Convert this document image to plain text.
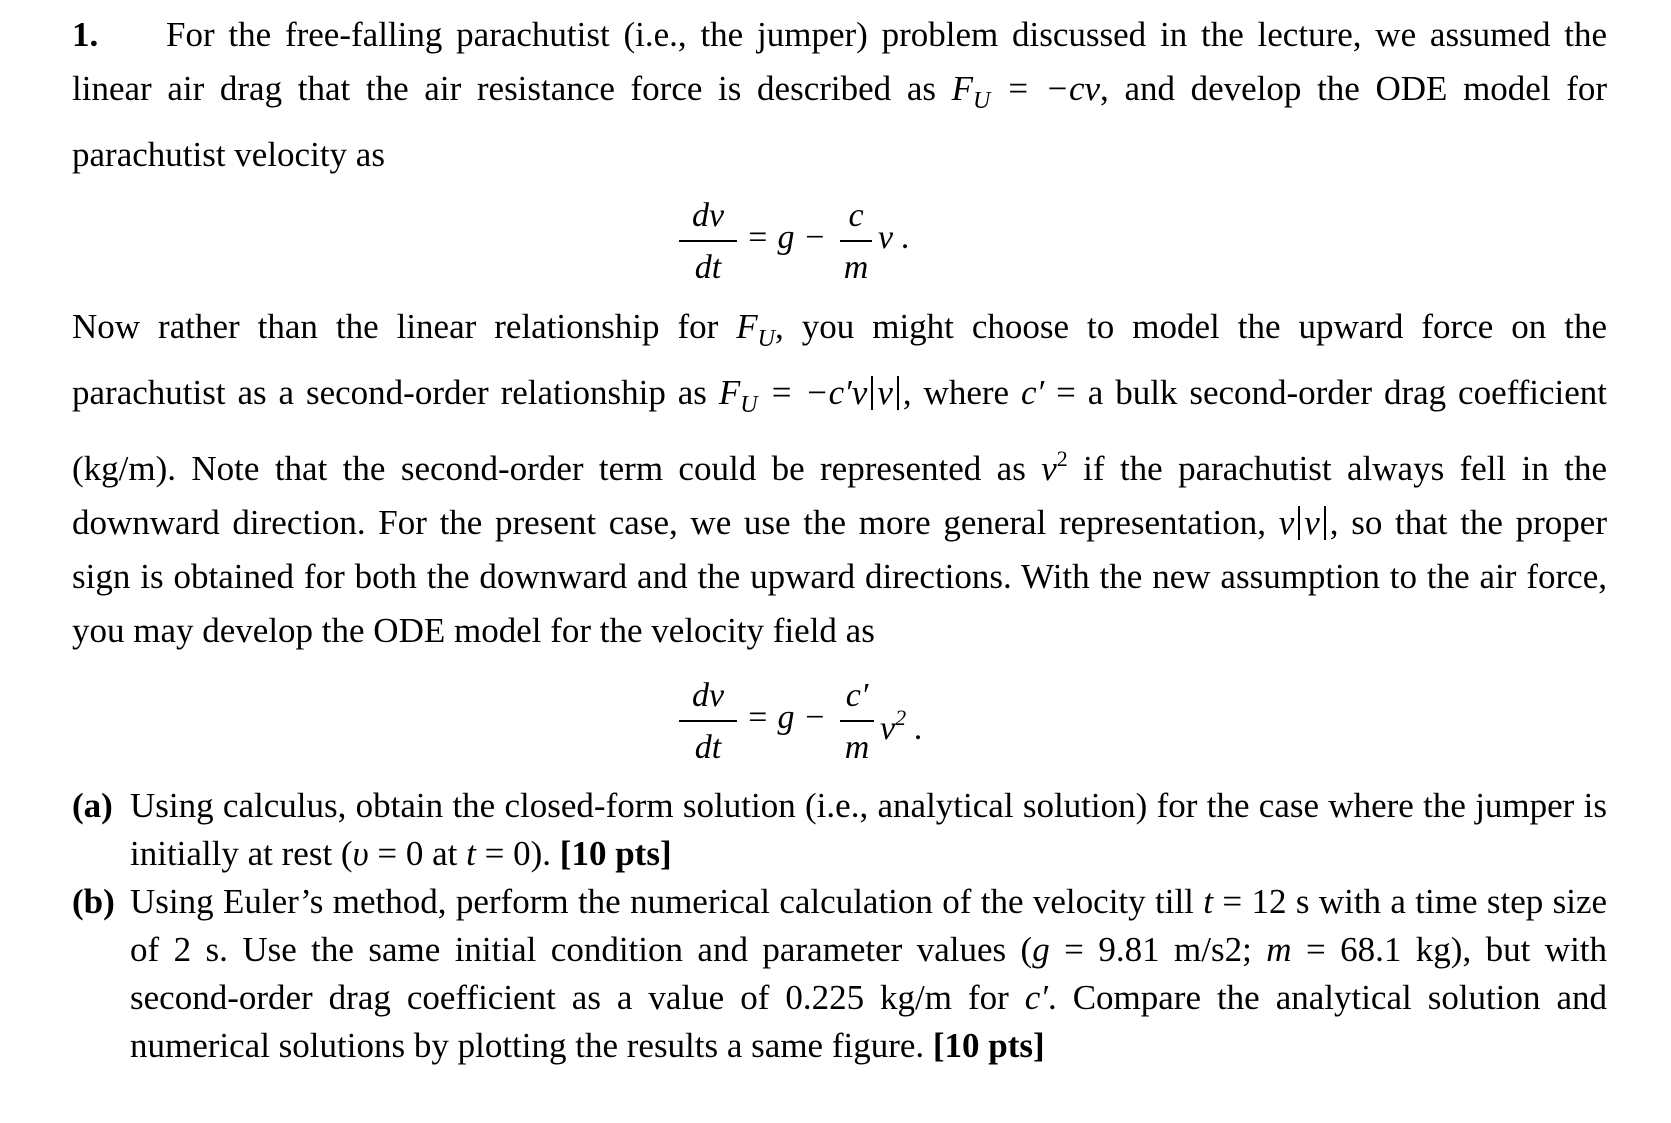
1. For the free-falling parachutist (i.e., the jumper) problem discussed in the lecture, we assumed the linear air drag that the air resistance force is described as $F_U = -cv$, and develop the ODE model for parachutist velocity as

dv
dt
= g −
c
m
v .

Now rather than the linear relationship for $F_U$, you might choose to model the upward force on the parachutist as a second-order relationship as $F_U = -c'v$ v , where c′ = a bulk second-order drag coefficient (kg/m). Note that the second-order term could be represented as $v^2$ if the parachutist always fell in the downward direction. For the present case, we use the more general representation, v v , so that the proper sign is obtained for both the downward and the upward directions. With the new assumption to the air force, you may develop the ODE model for the velocity field as

dv
dt
= g −
c′
m
$v^2$ .
(a) Using calculus, obtain the closed-form solution (i.e., analytical solution) for the case where the jumper is initially at rest (υ = 0 at t = 0). [10 pts]
(b) Using Euler’s method, perform the numerical calculation of the velocity till t = 12 s with a time step size of 2 s. Use the same initial condition and parameter values (g = 9.81 m/s2; m = 68.1 kg), but with second-order drag coefficient as a value of 0.225 kg/m for c′. Compare the analytical solution and numerical solutions by plotting the results a same figure. [10 pts]
